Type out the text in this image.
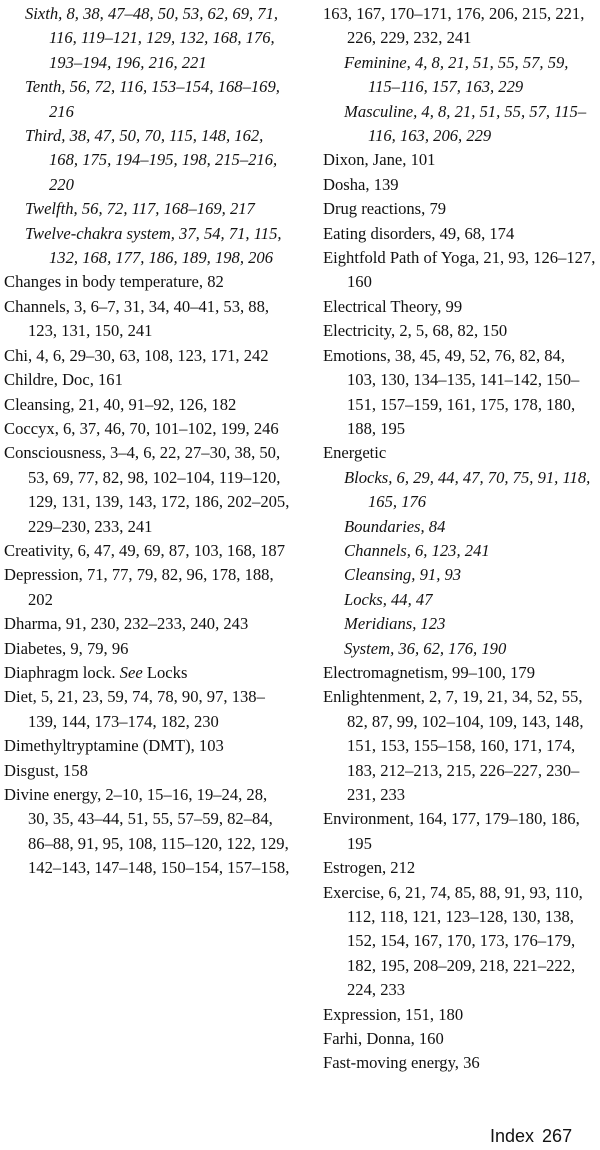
Sixth, 8, 38, 47–48, 50, 53, 62, 69, 71, 116, 119–121, 129, 132, 168, 176, 193–194, 196, 216, 221
Tenth, 56, 72, 116, 153–154, 168–169, 216
Third, 38, 47, 50, 70, 115, 148, 162, 168, 175, 194–195, 198, 215–216, 220
Twelfth, 56, 72, 117, 168–169, 217
Twelve-chakra system, 37, 54, 71, 115, 132, 168, 177, 186, 189, 198, 206
Changes in body temperature, 82
Channels, 3, 6–7, 31, 34, 40–41, 53, 88, 123, 131, 150, 241
Chi, 4, 6, 29–30, 63, 108, 123, 171, 242
Childre, Doc, 161
Cleansing, 21, 40, 91–92, 126, 182
Coccyx, 6, 37, 46, 70, 101–102, 199, 246
Consciousness, 3–4, 6, 22, 27–30, 38, 50, 53, 69, 77, 82, 98, 102–104, 119–120, 129, 131, 139, 143, 172, 186, 202–205, 229–230, 233, 241
Creativity, 6, 47, 49, 69, 87, 103, 168, 187
Depression, 71, 77, 79, 82, 96, 178, 188, 202
Dharma, 91, 230, 232–233, 240, 243
Diabetes, 9, 79, 96
Diaphragm lock. See Locks
Diet, 5, 21, 23, 59, 74, 78, 90, 97, 138–139, 144, 173–174, 182, 230
Dimethyltryptamine (DMT), 103
Disgust, 158
Divine energy, 2–10, 15–16, 19–24, 28, 30, 35, 43–44, 51, 55, 57–59, 82–84, 86–88, 91, 95, 108, 115–120, 122, 129, 142–143, 147–148, 150–154, 157–158,
163, 167, 170–171, 176, 206, 215, 221, 226, 229, 232, 241
Feminine, 4, 8, 21, 51, 55, 57, 59, 115–116, 157, 163, 229
Masculine, 4, 8, 21, 51, 55, 57, 115–116, 163, 206, 229
Dixon, Jane, 101
Dosha, 139
Drug reactions, 79
Eating disorders, 49, 68, 174
Eightfold Path of Yoga, 21, 93, 126–127, 160
Electrical Theory, 99
Electricity, 2, 5, 68, 82, 150
Emotions, 38, 45, 49, 52, 76, 82, 84, 103, 130, 134–135, 141–142, 150–151, 157–159, 161, 175, 178, 180, 188, 195
Energetic
Blocks, 6, 29, 44, 47, 70, 75, 91, 118, 165, 176
Boundaries, 84
Channels, 6, 123, 241
Cleansing, 91, 93
Locks, 44, 47
Meridians, 123
System, 36, 62, 176, 190
Electromagnetism, 99–100, 179
Enlightenment, 2, 7, 19, 21, 34, 52, 55, 82, 87, 99, 102–104, 109, 143, 148, 151, 153, 155–158, 160, 171, 174, 183, 212–213, 215, 226–227, 230–231, 233
Environment, 164, 177, 179–180, 186, 195
Estrogen, 212
Exercise, 6, 21, 74, 85, 88, 91, 93, 110, 112, 118, 121, 123–128, 130, 138, 152, 154, 167, 170, 173, 176–179, 182, 195, 208–209, 218, 221–222, 224, 233
Expression, 151, 180
Farhi, Donna, 160
Fast-moving energy, 36
Index 267
